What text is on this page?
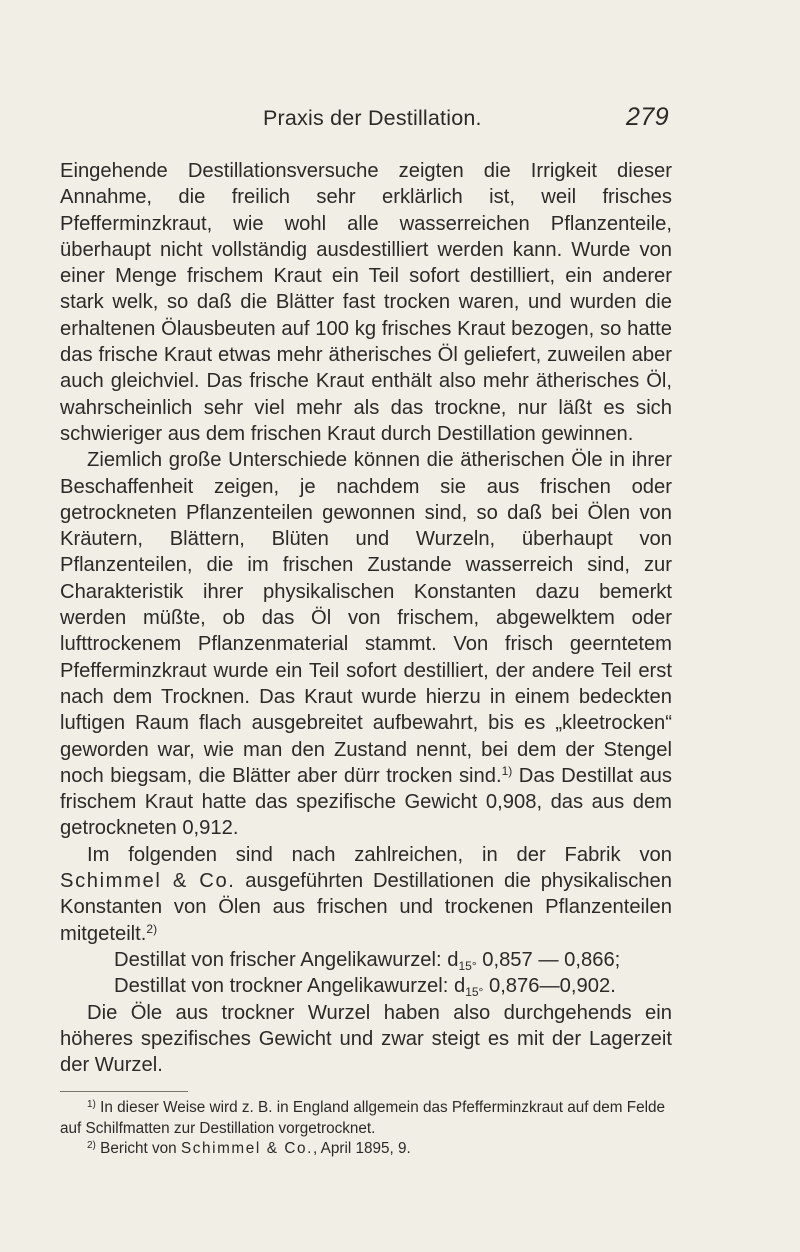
Praxis der Destillation.	279

Eingehende Destillationsversuche zeigten die Irrigkeit dieser Annahme, die freilich sehr erklärlich ist, weil frisches Pfefferminzkraut, wie wohl alle wasserreichen Pflanzenteile, überhaupt nicht vollständig ausdestilliert werden kann. Wurde von einer Menge frischem Kraut ein Teil sofort destilliert, ein anderer stark welk, so daß die Blätter fast trocken waren, und wurden die erhaltenen Ölausbeuten auf 100 kg frisches Kraut bezogen, so hatte das frische Kraut etwas mehr ätherisches Öl geliefert, zuweilen aber auch gleichviel. Das frische Kraut enthält also mehr ätherisches Öl, wahrscheinlich sehr viel mehr als das trockne, nur läßt es sich schwieriger aus dem frischen Kraut durch Destillation gewinnen.

Ziemlich große Unterschiede können die ätherischen Öle in ihrer Beschaffenheit zeigen, je nachdem sie aus frischen oder getrockneten Pflanzenteilen gewonnen sind, so daß bei Ölen von Kräutern, Blättern, Blüten und Wurzeln, überhaupt von Pflanzenteilen, die im frischen Zustande wasserreich sind, zur Charakteristik ihrer physikalischen Konstanten dazu bemerkt werden müßte, ob das Öl von frischem, abgewelktem oder lufttrockenem Pflanzenmaterial stammt. Von frisch geerntetem Pfefferminzkraut wurde ein Teil sofort destilliert, der andere Teil erst nach dem Trocknen. Das Kraut wurde hierzu in einem bedeckten luftigen Raum flach ausgebreitet aufbewahrt, bis es „kleetrocken“ geworden war, wie man den Zustand nennt, bei dem der Stengel noch biegsam, die Blätter aber dürr trocken sind.$^{1)}$ Das Destillat aus frischem Kraut hatte das spezifische Gewicht 0,908, das aus dem getrockneten 0,912.

Im folgenden sind nach zahlreichen, in der Fabrik von Schimmel & Co. ausgeführten Destillationen die physikalischen Konstanten von Ölen aus frischen und trockenen Pflanzenteilen mitgeteilt.$^{2)}$

Destillat von frischer Angelikawurzel: $d_{15^\circ}$ 0,857 — 0,866;

Destillat von trockner Angelikawurzel: $d_{15^\circ}$ 0,876—0,902.

Die Öle aus trockner Wurzel haben also durchgehends ein höheres spezifisches Gewicht und zwar steigt es mit der Lagerzeit der Wurzel.

$^{1)}$ In dieser Weise wird z. B. in England allgemein das Pfefferminzkraut auf dem Felde auf Schilfmatten zur Destillation vorgetrocknet.

$^{2)}$ Bericht von Schimmel & Co., April 1895, 9.
